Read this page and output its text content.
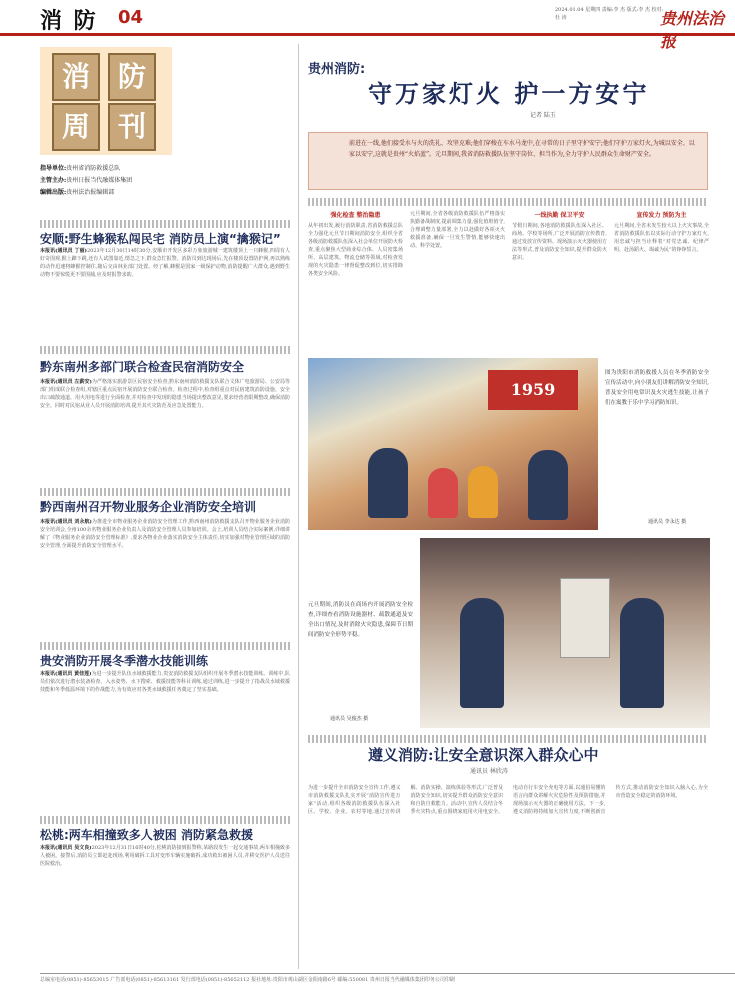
消 防 04	2024.01.04 星期四 责编:李 杰 版式:李 杰 校对:杜 涛	贵州法治报
消 防
周 刊
指导单位:贵州省消防救援总队
主管主办:贵州日报当代融媒体集团
编辑出版:贵州法治报编辑部
安顺:野生蜂猴私闯民宅 消防员上演“擒猴记”
本报讯(通讯员 丁丽)2023年12月30日14时30分,安顺市开发区多彩万象旅游城一建筑楼顶上一只蜂猴,四周有人好奇围观,猴上蹿下跳,还有人试图靠近,情急之下,群众急忙报警。消防员到达现场后,先在楼顶设置防护网,再以熟练的动作迅速将蜂猴控制住,随后交由林业部门处置。经了解,蜂猴是国家一级保护动物,消防提醒广大群众,遇到野生动物不要惊慌更不要围捕,应及时报警求助。
黔东南州多部门联合检查民宿消防安全
本报讯(通讯员 左薪安)为严格落实旅游景区民宿安全检查,黔东南州消防救援支队联合文体广电旅游局、公安局等部门组成联合检查组,对辖区重点民宿开展消防安全联合检查。检查过程中,检查组重点对民宿建筑消防设施、安全出口疏散通道、用火用电等进行全面检查,并对检查中发现的隐患当场提出整改意见,要求经营者限期整改,确保消防安全。同时对民宿从业人员开展消防培训,提升其火灾防范及应急处置能力。
黔西南州召开物业服务企业消防安全培训
本报讯(通讯员 刘永航)为推进全市物业服务企业消防安全管理工作,黔西南州消防救援支队召开物业服务企业消防安全培训会,全州100余名物业服务企业负责人及消防安全管理人员参加培训。会上,培训人员结合实际案例,详细讲解了《物业服务企业消防安全管理标准》,要求各物业企业落实消防安全主体责任,切实加强对物业管理区域的消防安全管理,全面提升消防安全管理水平。
贵安消防开展冬季潜水技能训练
本报讯(通讯员 黄佳莲)为进一步提升队伍水域救援能力,贵安消防救援支队组织开展冬季潜水技能训练。训练中,队员们依次进行潜水装备检查、入水姿势、水下搜索、救援技能等科目训练,通过训练,进一步提升了指战员水域救援技能和冬季低温环境下的作战能力,为有效应对各类水域救援任务奠定了坚实基础。
松桃:两车相撞致多人被困 消防紧急救援
本报讯(通讯员 吴文良)2023年12月31日16时40分,松桃消防接到报警称,某路段发生一起交通事故,两车相撞致多人被困。接警后,消防员立即赶赴现场,利用破拆工具对变形车辆实施破拆,成功救出被困人员,并移交医护人员送往医院救治。
贵州消防:
守万家灯火 护一方安宁
记者 陆玉
前进在一线,他们接受水与火的洗礼、攻坚克难;他们穿梭在车水马龙中,在寻常的日子里守护安宁;他们守护万家灯火,为城以安全、以家以安宁,这就是贵州“火焰蓝”。元旦期间,我省消防救援队伍坚守岗位、担当作为,全力守护人民群众生命财产安全。
强化检查 整治隐患
从年初出发,履行消防职责,省消防救援总队全力强化元旦节日期间消防安全,组织全省各级消防救援队伍深入社会单位开展防火检查,重点聚焦大型商业综合体、人员密集场所、高层建筑、物流仓储等领域,对检查发现的火灾隐患一律督促整改到位,切实排除各类安全风险。
元旦期间,全省各级消防救援队伍严格落实执勤备战制度,提前调集力量,强化值班值守,合理调整力量部署,全力以赴做好各项灭火救援准备,确保一旦发生警情,能够快速出动、科学处置。
一线执勤 保卫平安
节假日期间,各地消防救援队伍深入社区、商场、学校等场所,广泛开展消防宣传教育,通过发放宣传资料、现场演示灭火器使用方法等形式,普及消防安全知识,提升群众防火意识。
宣传发力 预防为主
元旦期间,全省未发生较大以上火灾事故,全省消防救援队伍以实际行动守护万家灯火,用忠诚与担当诠释着“对党忠诚、纪律严明、赴汤蹈火、竭诚为民”的铮铮誓言。
1959
图为贵阳市消防救援人员在冬季消防安全宣传活动中,向小朋友们讲解消防安全知识,普及安全用电常识及火灾逃生技能,让孩子们在寓教于乐中学习消防知识。
通讯员 李永达 摄
元旦期间,消防员在商场内开展消防安全检查,详细查看消防设施器材、疏散通道及安全出口情况,及时消除火灾隐患,保障节日期间消防安全形势平稳。
通讯员 吴俊杰 摄
遵义消防:让安全意识深入群众心中
通讯员 林欣涛
为进一步提升全市消防安全宣传工作,遵义市消防救援支队扎实开展“消防宣传进万家”活动,组织各级消防救援队伍深入社区、学校、企业、农村等地,通过宣传讲解、消防实操、演练体验等形式,广泛普及消防安全知识,切实提升群众消防安全意识和自防自救能力。活动中,宣传人员结合冬季火灾特点,重点围绕家庭用火用电安全、电动自行车安全充电等方面,以通俗易懂的语言向群众讲解火灾危险性及预防措施,并现场演示灭火器的正确使用方法。下一步,遵义消防将持续加大宣传力度,不断创新宣传方式,推动消防安全知识入脑入心,为全市营造安全稳定的消防环境。
总编室电话(0851)-85653015 广告部电话(0851)-85613161 发行部电话(0851)-85652112 报社地址:贵阳市观山湖区金阳南路6号 邮编:550081 贵州日报当代融媒体集团印务公司印刷
